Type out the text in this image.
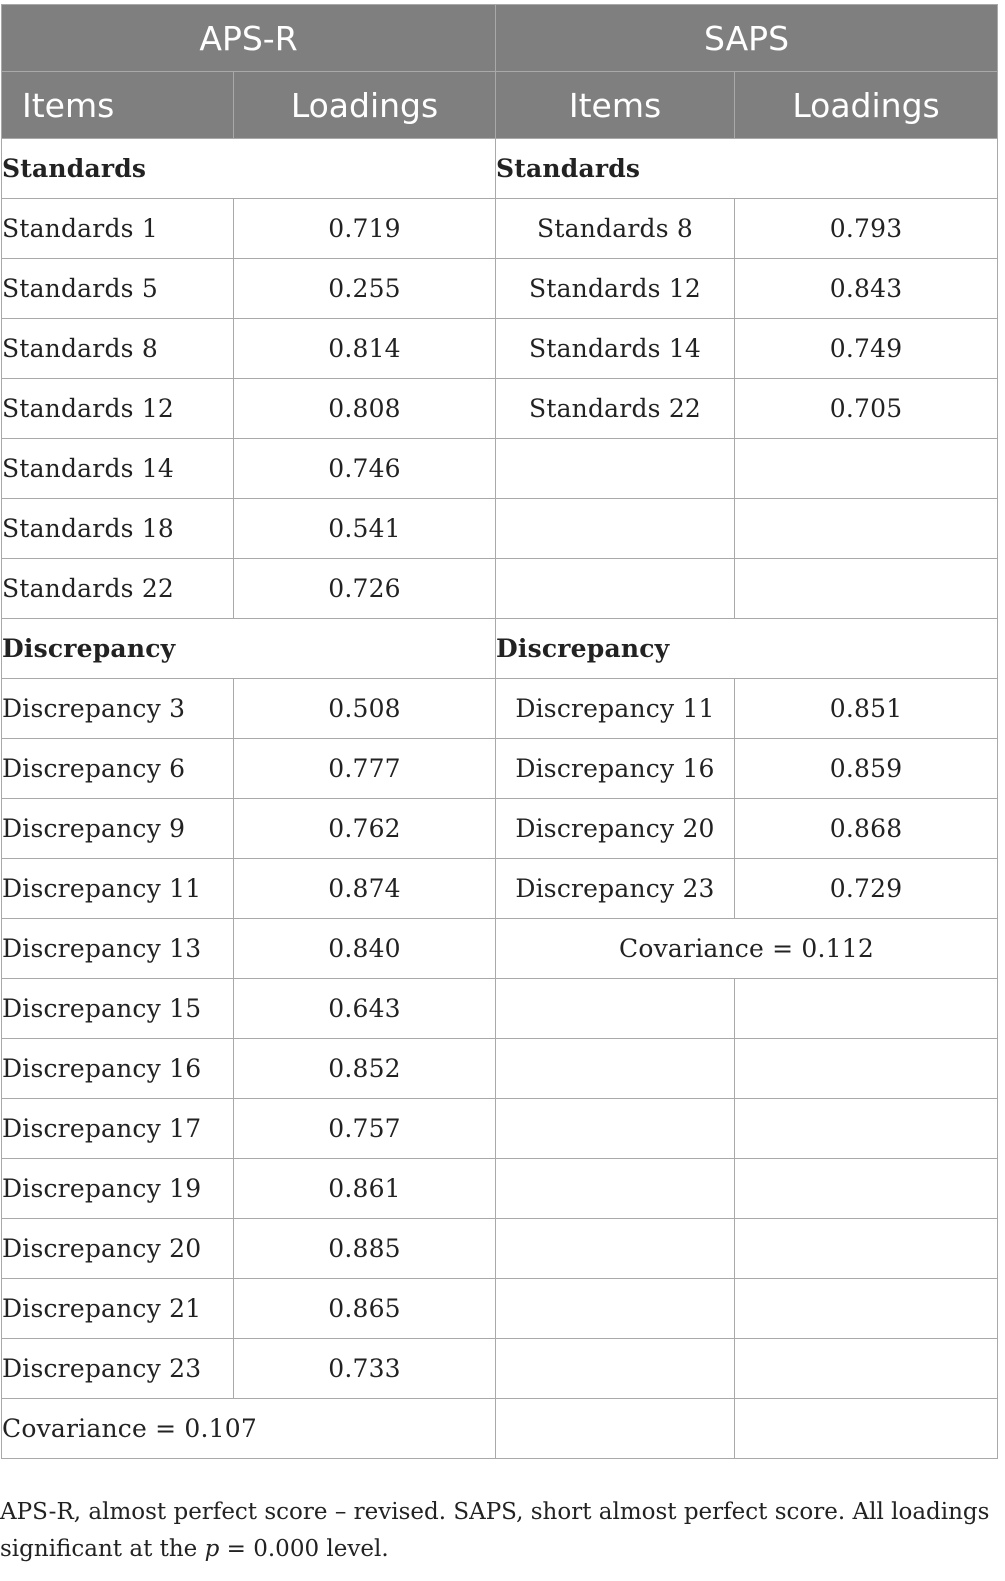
APS-R		SAPS	
Items	Loadings	Items	Loadings
Standards		Standards	
Standards 1	0.719	Standards 8	0.793
Standards 5	0.255	Standards 12	0.843
Standards 8	0.814	Standards 14	0.749
Standards 12	0.808	Standards 22	0.705
Standards 14	0.746		
Standards 18	0.541		
Standards 22	0.726		
Discrepancy		Discrepancy	
Discrepancy 3	0.508	Discrepancy 11	0.851
Discrepancy 6	0.777	Discrepancy 16	0.859
Discrepancy 9	0.762	Discrepancy 20	0.868
Discrepancy 11	0.874	Discrepancy 23	0.729
Discrepancy 13	0.840	Covariance = 0.112	
Discrepancy 15	0.643		
Discrepancy 16	0.852		
Discrepancy 17	0.757		
Discrepancy 19	0.861		
Discrepancy 20	0.885		
Discrepancy 21	0.865		
Discrepancy 23	0.733		
Covariance = 0.107			
APS-R, almost perfect score – revised. SAPS, short almost perfect score. All loadings significant at the p = 0.000 level.
